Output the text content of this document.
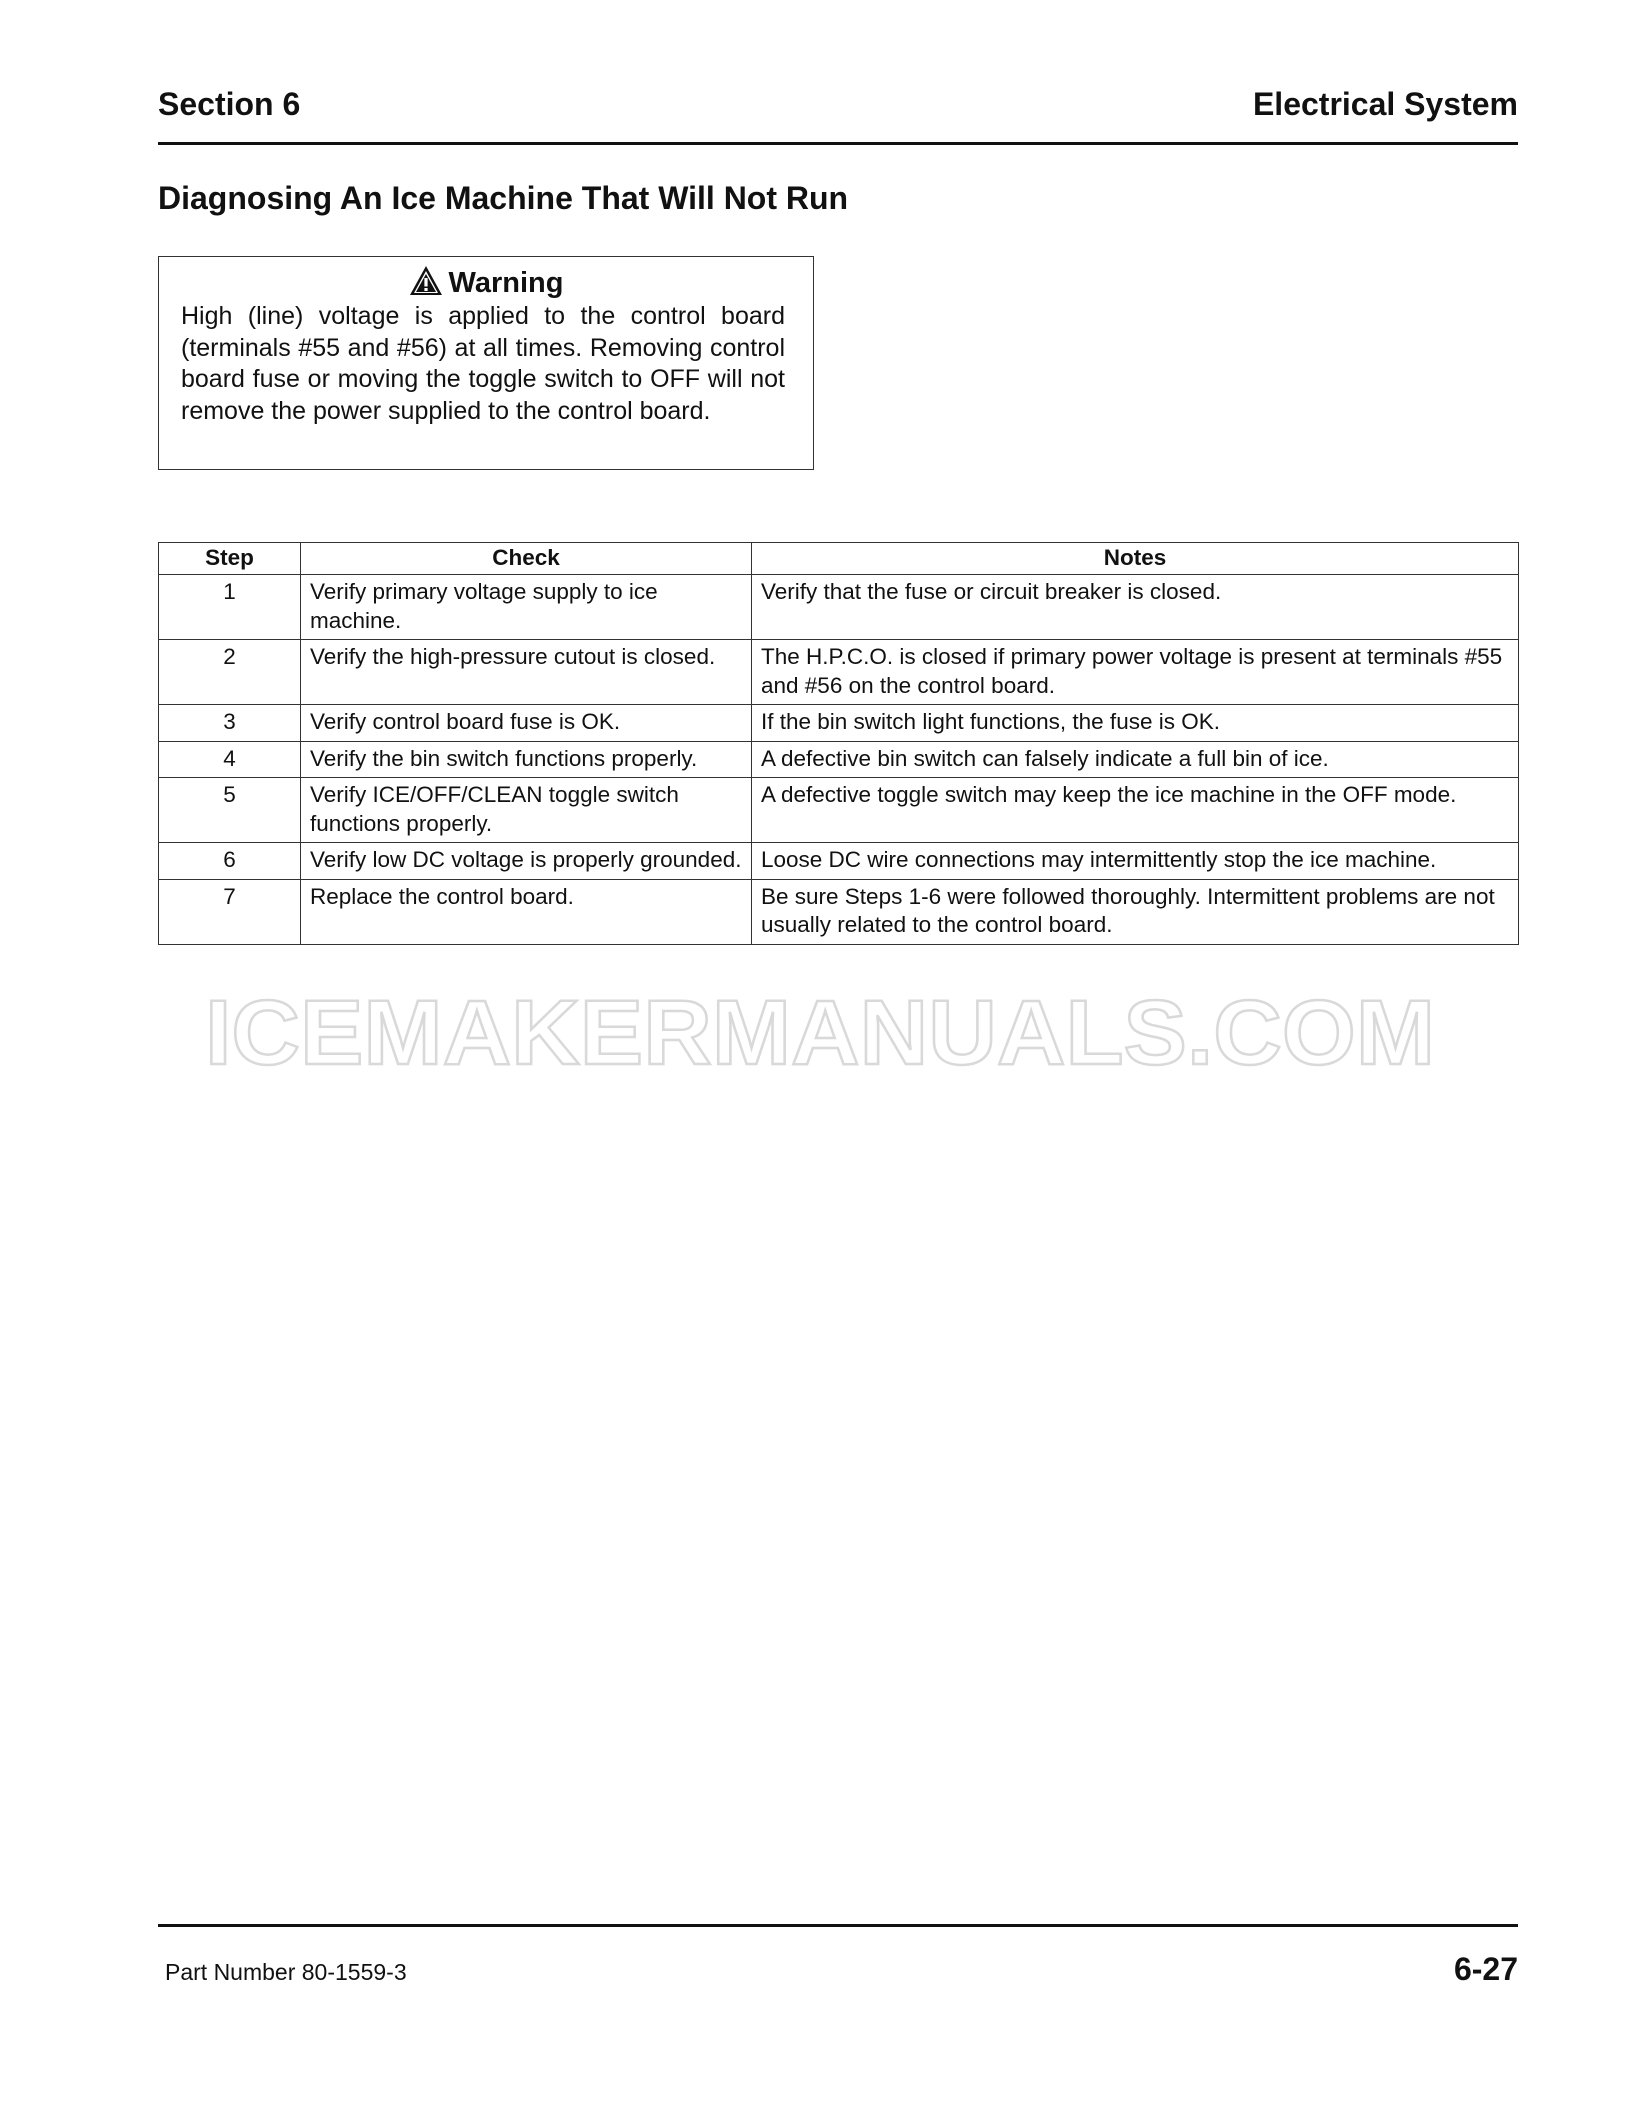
Section 6	Electrical System
Diagnosing An Ice Machine That Will Not Run
Warning
High (line) voltage is applied to the control board (terminals #55 and #56) at all times. Removing control board fuse or moving the toggle switch to OFF will not remove the power supplied to the control board.
Step	Check	Notes
1	Verify primary voltage supply to ice machine.	Verify that the fuse or circuit breaker is closed.
2	Verify the high-pressure cutout is closed.	The H.P.C.O. is closed if primary power voltage is present at terminals #55 and #56 on the control board.
3	Verify control board fuse is OK.	If the bin switch light functions, the fuse is OK.
4	Verify the bin switch functions properly.	A defective bin switch can falsely indicate a full bin of ice.
5	Verify ICE/OFF/CLEAN toggle switch functions properly.	A defective toggle switch may keep the ice machine in the OFF mode.
6	Verify low DC voltage is properly grounded.	Loose DC wire connections may intermittently stop the ice machine.
7	Replace the control board.	Be sure Steps 1-6 were followed thoroughly. Intermittent problems are not usually related to the control board.
ICEMAKERMANUALS.COM
Part Number 80-1559-3	6-27
